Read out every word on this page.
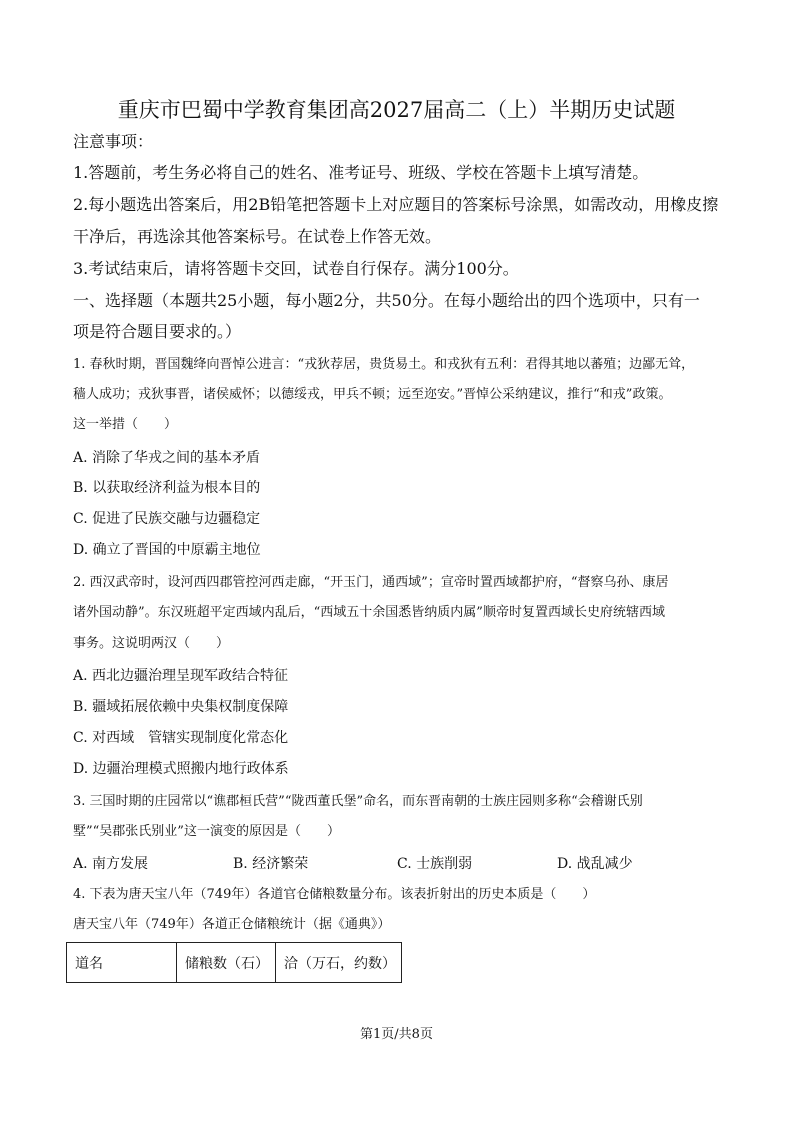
重庆市巴蜀中学教育集团高2027届高二（上）半期历史试题
注意事项：
1.答题前，考生务必将自己的姓名、准考证号、班级、学校在答题卡上填写清楚。
2.每小题选出答案后，用2B铅笔把答题卡上对应题目的答案标号涂黑，如需改动，用橡皮擦
干净后，再选涂其他答案标号。在试卷上作答无效。
3.考试结束后，请将答题卡交回，试卷自行保存。满分100分。
一、选择题（本题共25小题，每小题2分，共50分。在每小题给出的四个选项中，只有一
项是符合题目要求的。）
1. 春秋时期，晋国魏绛向晋悼公进言：“戎狄荐居，贵货易土。和戎狄有五利：君得其地以蕃殖；边鄙无耸，
穑人成功；戎狄事晋，诸侯威怀；以德绥戎，甲兵不顿；远至迩安。”晋悼公采纳建议，推行“和戎”政策。
这一举措（　　）
A. 消除了华戎之间的基本矛盾
B. 以获取经济利益为根本目的
C. 促进了民族交融与边疆稳定
D. 确立了晋国的中原霸主地位
2. 西汉武帝时，设河西四郡管控河西走廊，“开玉门，通西域”；宣帝时置西域都护府，“督察乌孙、康居
诸外国动静”。东汉班超平定西域内乱后，“西域五十余国悉皆纳质内属”顺帝时复置西域长史府统辖西域
事务。这说明两汉（　　）
A. 西北边疆治理呈现军政结合特征
B. 疆域拓展依赖中央集权制度保障
C. 对西域　管辖实现制度化常态化
D. 边疆治理模式照搬内地行政体系
3. 三国时期的庄园常以“谯郡桓氏营”“陇西董氏堡”命名，而东晋南朝的士族庄园则多称“会稽谢氏别
墅”“吴郡张氏别业”这一演变的原因是（　　）
A. 南方发展	B. 经济繁荣	C. 士族削弱	D. 战乱减少
4. 下表为唐天宝八年（749年）各道官仓储粮数量分布。该表折射出的历史本质是（　　）
唐天宝八年（749年）各道正仓储粮统计（据《通典》）
道名	储粮数（石）	洽（万石，约数）
第1页/共8页
